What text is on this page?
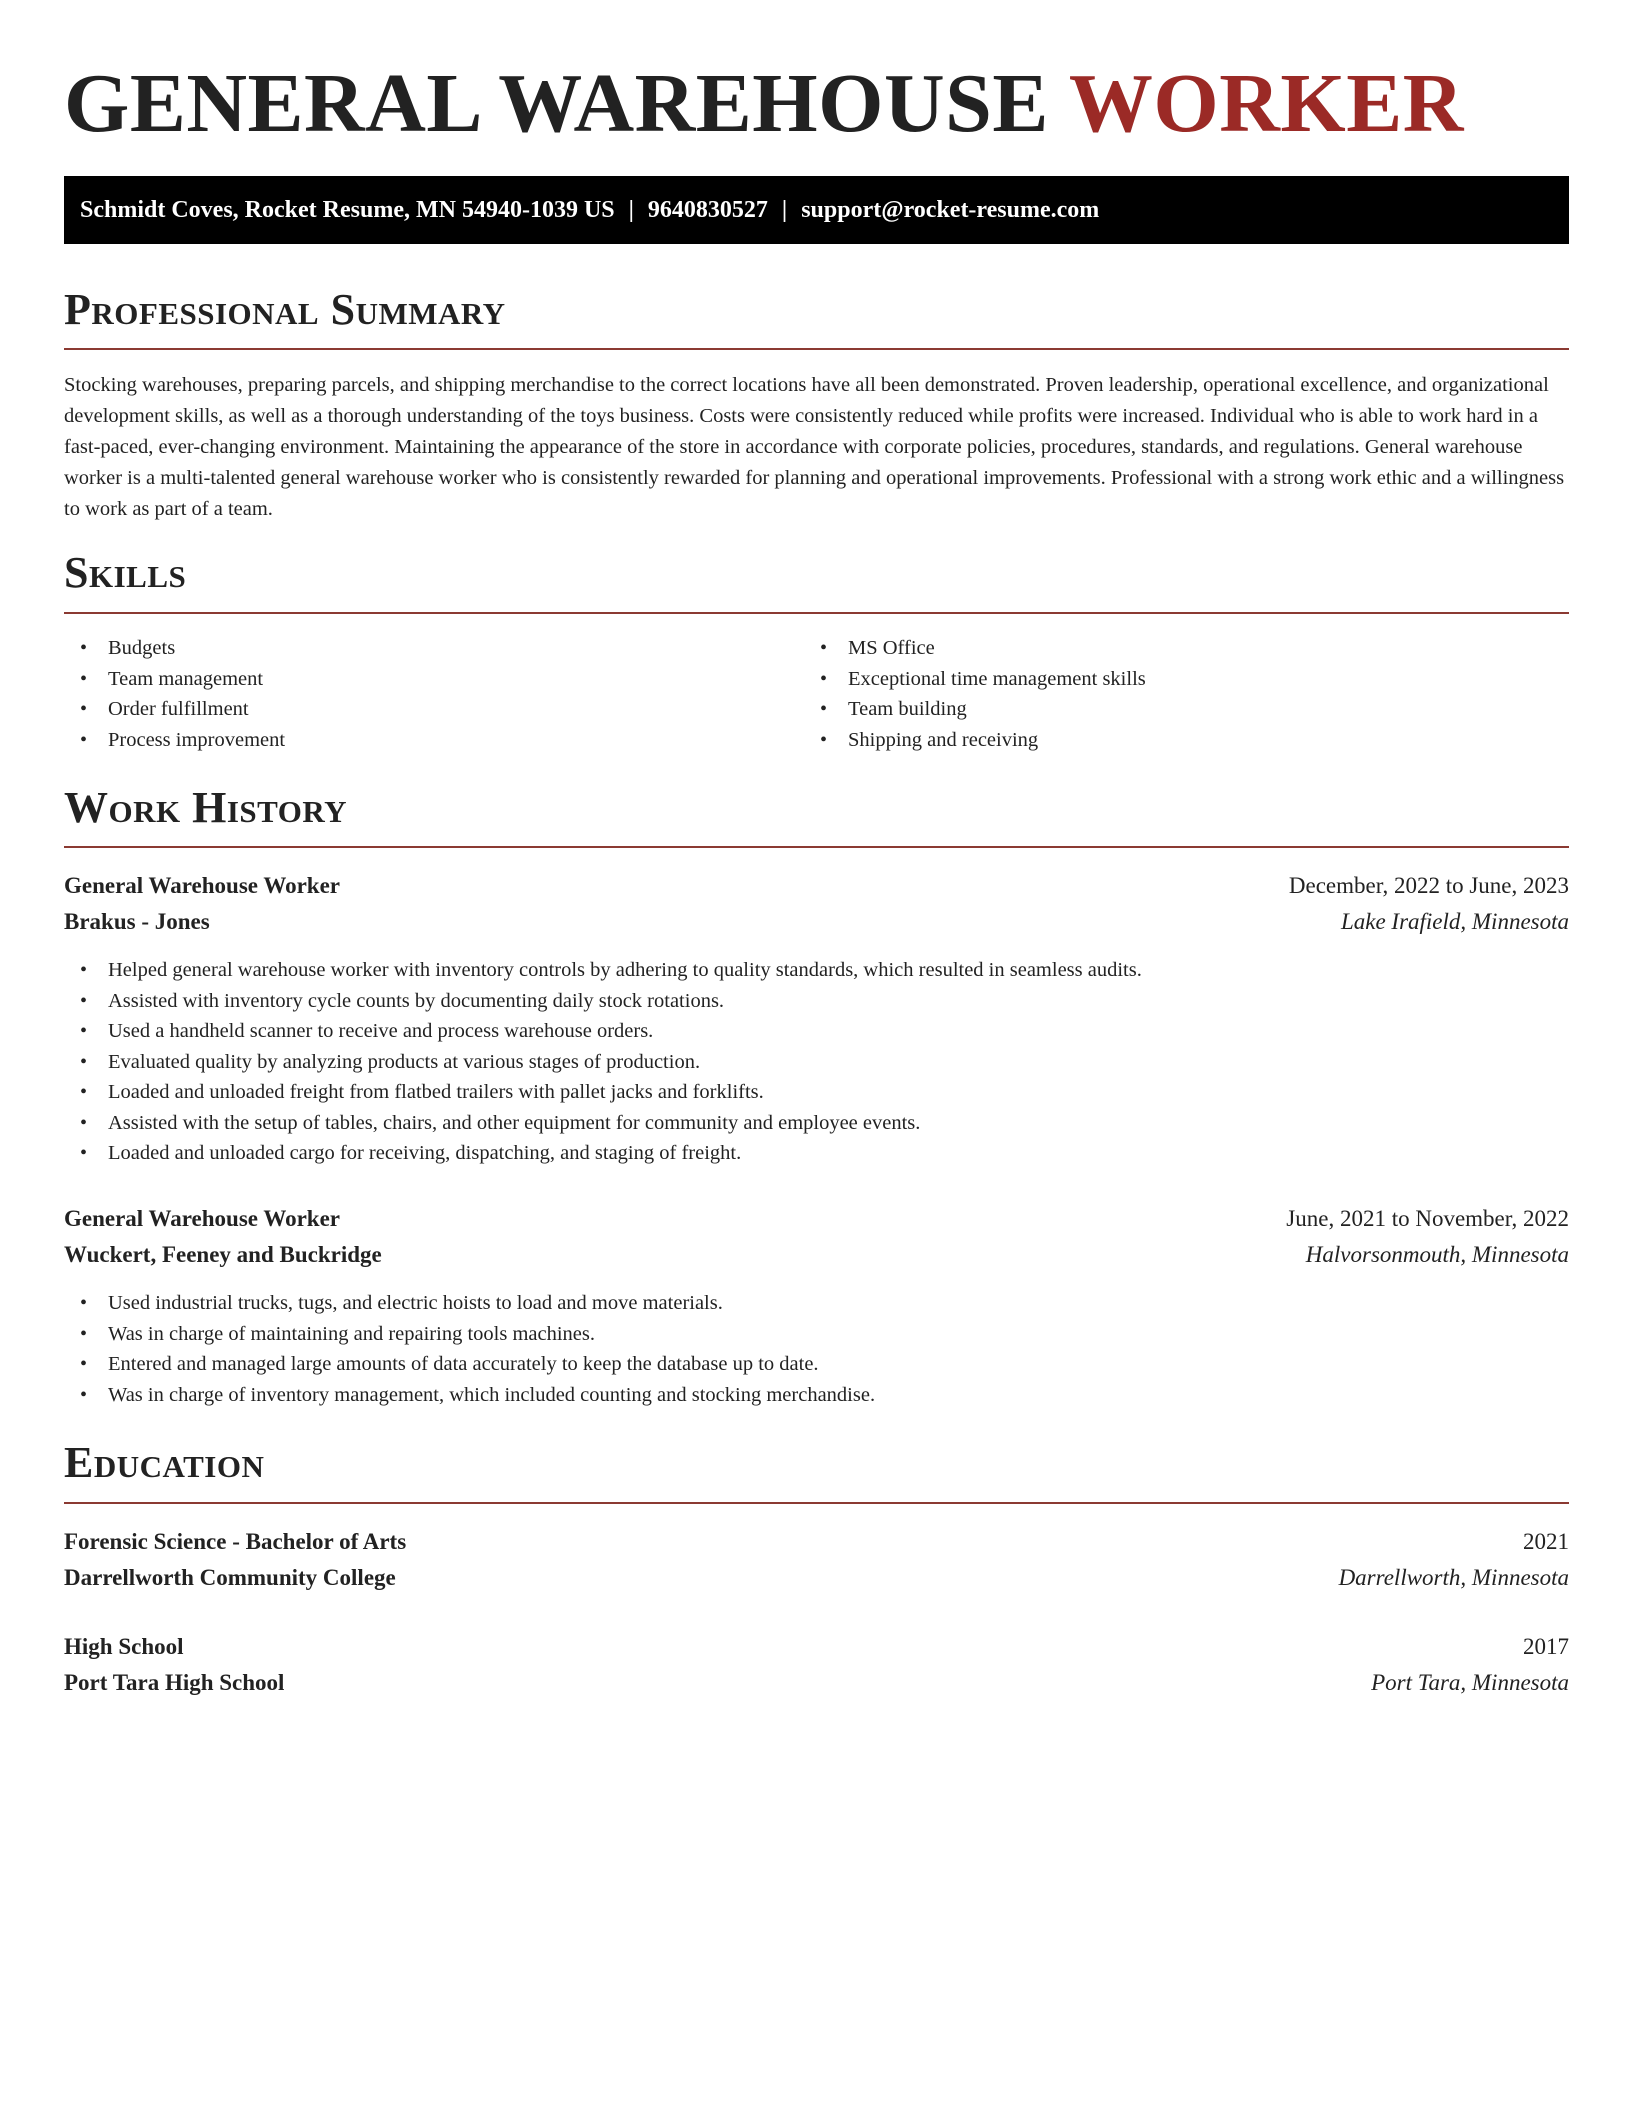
GENERAL WAREHOUSE WORKER
Schmidt Coves, Rocket Resume, MN 54940-1039 US | 9640830527 | support@rocket-resume.com
Professional Summary

Stocking warehouses, preparing parcels, and shipping merchandise to the correct locations have all been demonstrated. Proven leadership, operational excellence, and organizational development skills, as well as a thorough understanding of the toys business. Costs were consistently reduced while profits were increased. Individual who is able to work hard in a fast-paced, ever-changing environment. Maintaining the appearance of the store in accordance with corporate policies, procedures, standards, and regulations. General warehouse worker is a multi-talented general warehouse worker who is consistently rewarded for planning and operational improvements. Professional with a strong work ethic and a willingness to work as part of a team.

Skills
• Budgets
• Team management
• Order fulfillment
• Process improvement
• MS Office
• Exceptional time management skills
• Team building
• Shipping and receiving
Work History
General Warehouse Worker	December, 2022 to June, 2023
Brakus - Jones	Lake Irafield, Minnesota
• Helped general warehouse worker with inventory controls by adhering to quality standards, which resulted in seamless audits.
• Assisted with inventory cycle counts by documenting daily stock rotations.
• Used a handheld scanner to receive and process warehouse orders.
• Evaluated quality by analyzing products at various stages of production.
• Loaded and unloaded freight from flatbed trailers with pallet jacks and forklifts.
• Assisted with the setup of tables, chairs, and other equipment for community and employee events.
• Loaded and unloaded cargo for receiving, dispatching, and staging of freight.
General Warehouse Worker	June, 2021 to November, 2022
Wuckert, Feeney and Buckridge	Halvorsonmouth, Minnesota
• Used industrial trucks, tugs, and electric hoists to load and move materials.
• Was in charge of maintaining and repairing tools machines.
• Entered and managed large amounts of data accurately to keep the database up to date.
• Was in charge of inventory management, which included counting and stocking merchandise.
Education
Forensic Science - Bachelor of Arts	2021
Darrellworth Community College	Darrellworth, Minnesota
High School	2017
Port Tara High School	Port Tara, Minnesota
